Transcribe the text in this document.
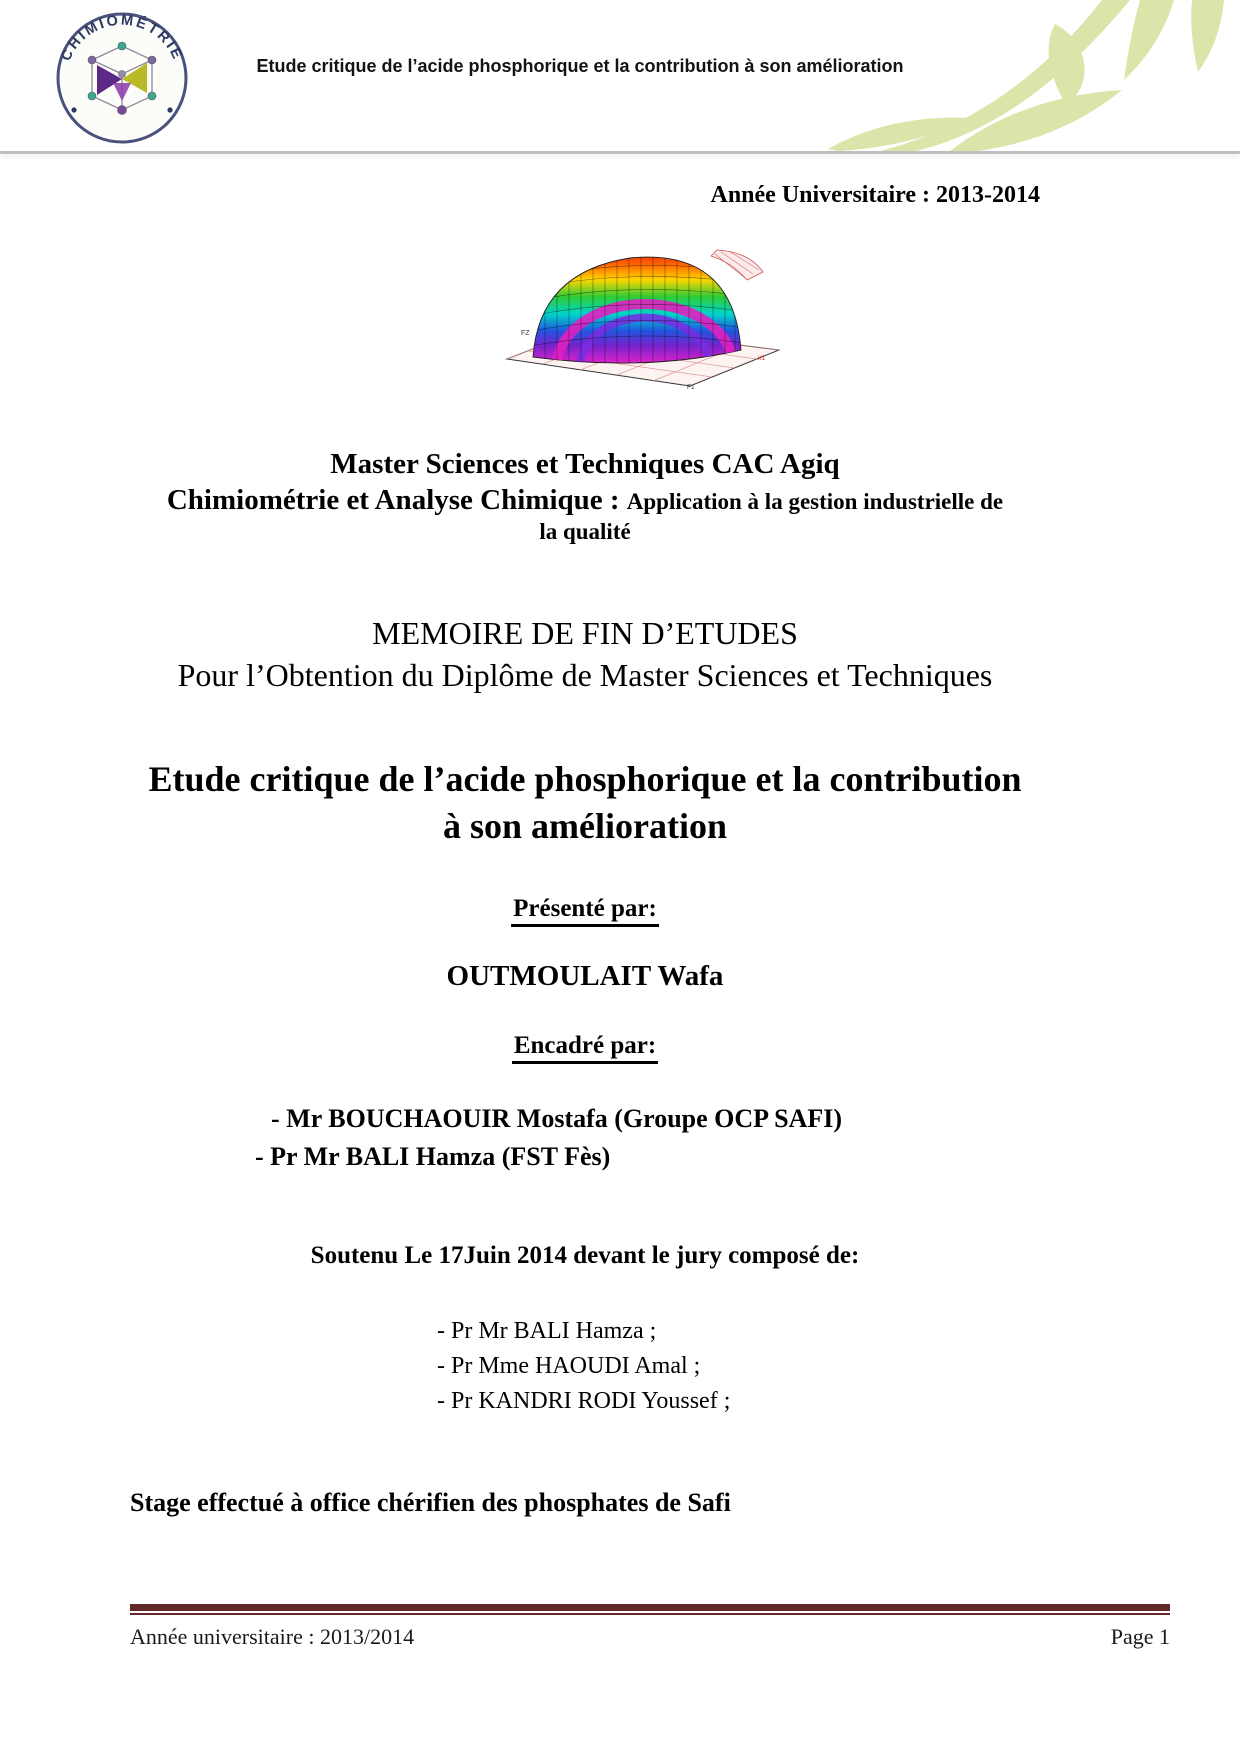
CHIMIOMÉTRIE
Etude critique de l’acide phosphorique et la contribution à son amélioration
Année Universitaire : 2013-2014
FZ
x1
F1
Master Sciences et Techniques CAC Agiq
Chimiométrie et Analyse Chimique : Application à la gestion industrielle de
la qualité
MEMOIRE DE FIN D’ETUDES
Pour l’Obtention du Diplôme de Master Sciences et Techniques
Etude critique de l’acide phosphorique et la contribution
à son amélioration
Présenté par:
OUTMOULAIT Wafa
Encadré par:
- Mr BOUCHAOUIR Mostafa (Groupe OCP SAFI)
- Pr Mr BALI Hamza (FST Fès)
Soutenu Le 17Juin 2014 devant le jury composé de:
- Pr Mr BALI Hamza ;
- Pr Mme HAOUDI Amal ;
- Pr KANDRI RODI Youssef ;
Stage effectué à office chérifien des phosphates de Safi
Année universitaire : 2013/2014	Page 1
